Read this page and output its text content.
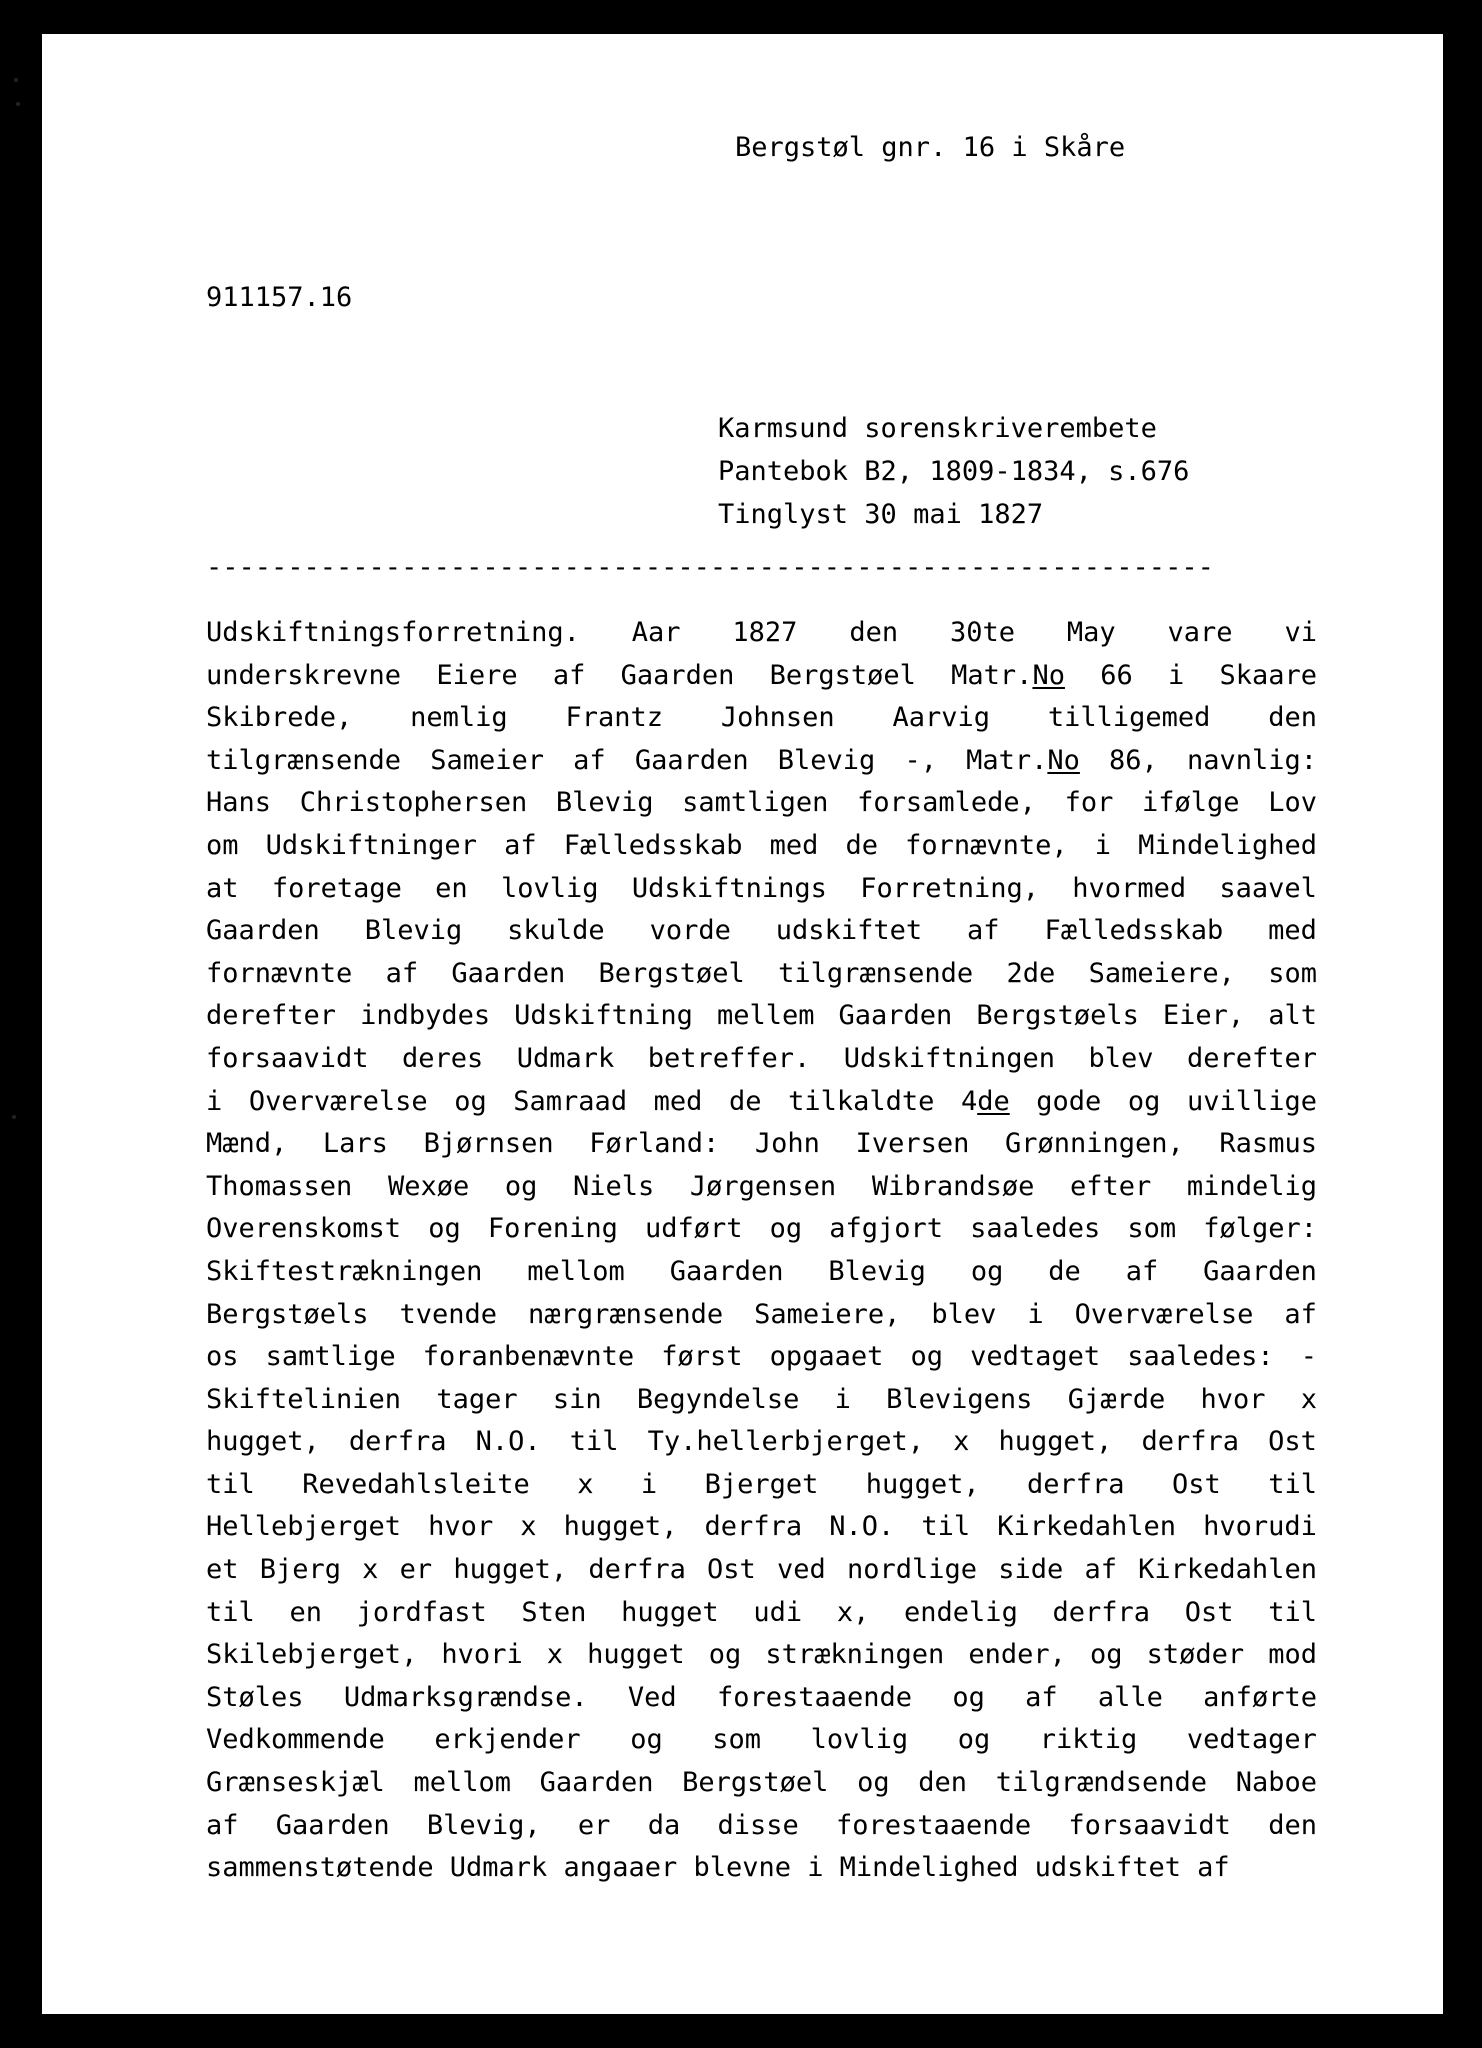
Bergstøl gnr. 16 i Skåre
911157.16
Karmsund sorenskriverembete
Pantebok B2, 1809-1834, s.676
Tinglyst 30 mai 1827
--------------------------------------------------------------
Udskiftningsforretning. Aar 1827 den 30te May vare vi
underskrevne Eiere af Gaarden Bergstøel Matr.No 66 i Skaare
Skibrede, nemlig Frantz Johnsen Aarvig tilligemed den
tilgrænsende Sameier af Gaarden Blevig -, Matr.No 86, navnlig:
Hans Christophersen Blevig samtligen forsamlede, for ifølge Lov
om Udskiftninger af Fælledsskab med de fornævnte, i Mindelighed
at foretage en lovlig Udskiftnings Forretning, hvormed saavel
Gaarden Blevig skulde vorde udskiftet af Fælledsskab med
fornævnte af Gaarden Bergstøel tilgrænsende 2de Sameiere, som
derefter indbydes Udskiftning mellem Gaarden Bergstøels Eier, alt
forsaavidt deres Udmark betreffer. Udskiftningen blev derefter
i Overværelse og Samraad med de tilkaldte 4de gode og uvillige
Mænd, Lars Bjørnsen Førland: John Iversen Grønningen, Rasmus
Thomassen Wexøe og Niels Jørgensen Wibrandsøe efter mindelig
Overenskomst og Forening udført og afgjort saaledes som følger:
Skiftestrækningen mellom Gaarden Blevig og de af Gaarden
Bergstøels tvende nærgrænsende Sameiere, blev i Overværelse af
os samtlige foranbenævnte først opgaaet og vedtaget saaledes: -
Skiftelinien tager sin Begyndelse i Blevigens Gjærde hvor x
hugget, derfra N.O. til Ty.hellerbjerget, x hugget, derfra Ost
til Revedahlsleite x i Bjerget hugget, derfra Ost til
Hellebjerget hvor x hugget, derfra N.O. til Kirkedahlen hvorudi
et Bjerg x er hugget, derfra Ost ved nordlige side af Kirkedahlen
til en jordfast Sten hugget udi x, endelig derfra Ost til
Skilebjerget, hvori x hugget og strækningen ender, og støder mod
Støles Udmarksgrændse. Ved forestaaende og af alle anførte
Vedkommende erkjender og som lovlig og riktig vedtager
Grænseskjæl mellom Gaarden Bergstøel og den tilgrændsende Naboe
af Gaarden Blevig, er da disse forestaaende forsaavidt den
sammenstøtende Udmark angaaer blevne i Mindelighed udskiftet af
